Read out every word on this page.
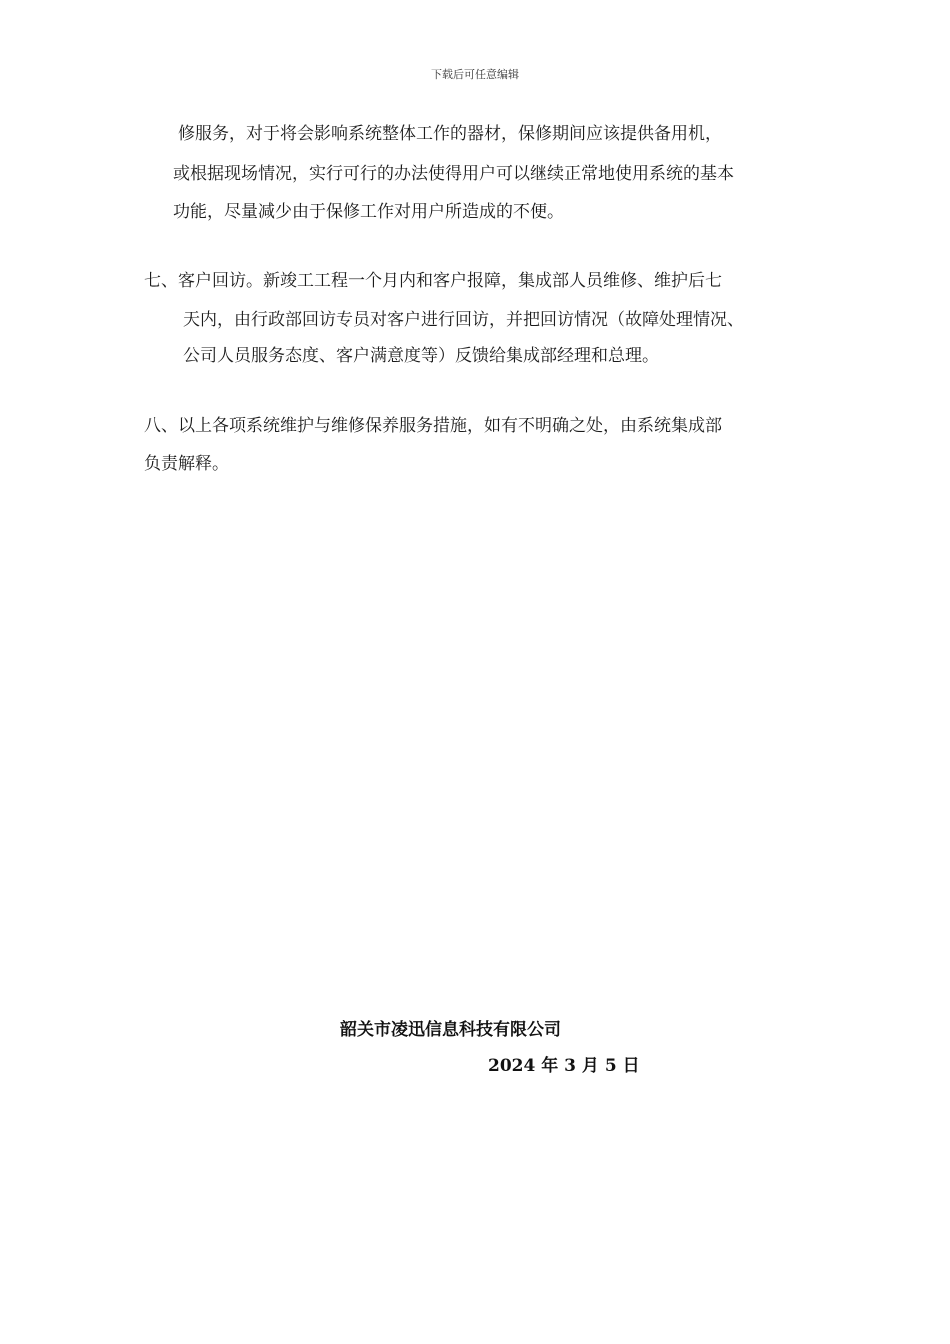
下载后可任意编辑
修服务，对于将会影响系统整体工作的器材，保修期间应该提供备用机，
或根据现场情况，实行可行的办法使得用户可以继续正常地使用系统的基本
功能，尽量减少由于保修工作对用户所造成的不便。
七、客户回访。新竣工工程一个月内和客户报障，集成部人员维修、维护后七
天内，由行政部回访专员对客户进行回访，并把回访情况（故障处理情况、
公司人员服务态度、客户满意度等）反馈给集成部经理和总理。
八、以上各项系统维护与维修保养服务措施，如有不明确之处，由系统集成部
负责解释。
韶关市凌迅信息科技有限公司
2024 年 3 月 5 日
